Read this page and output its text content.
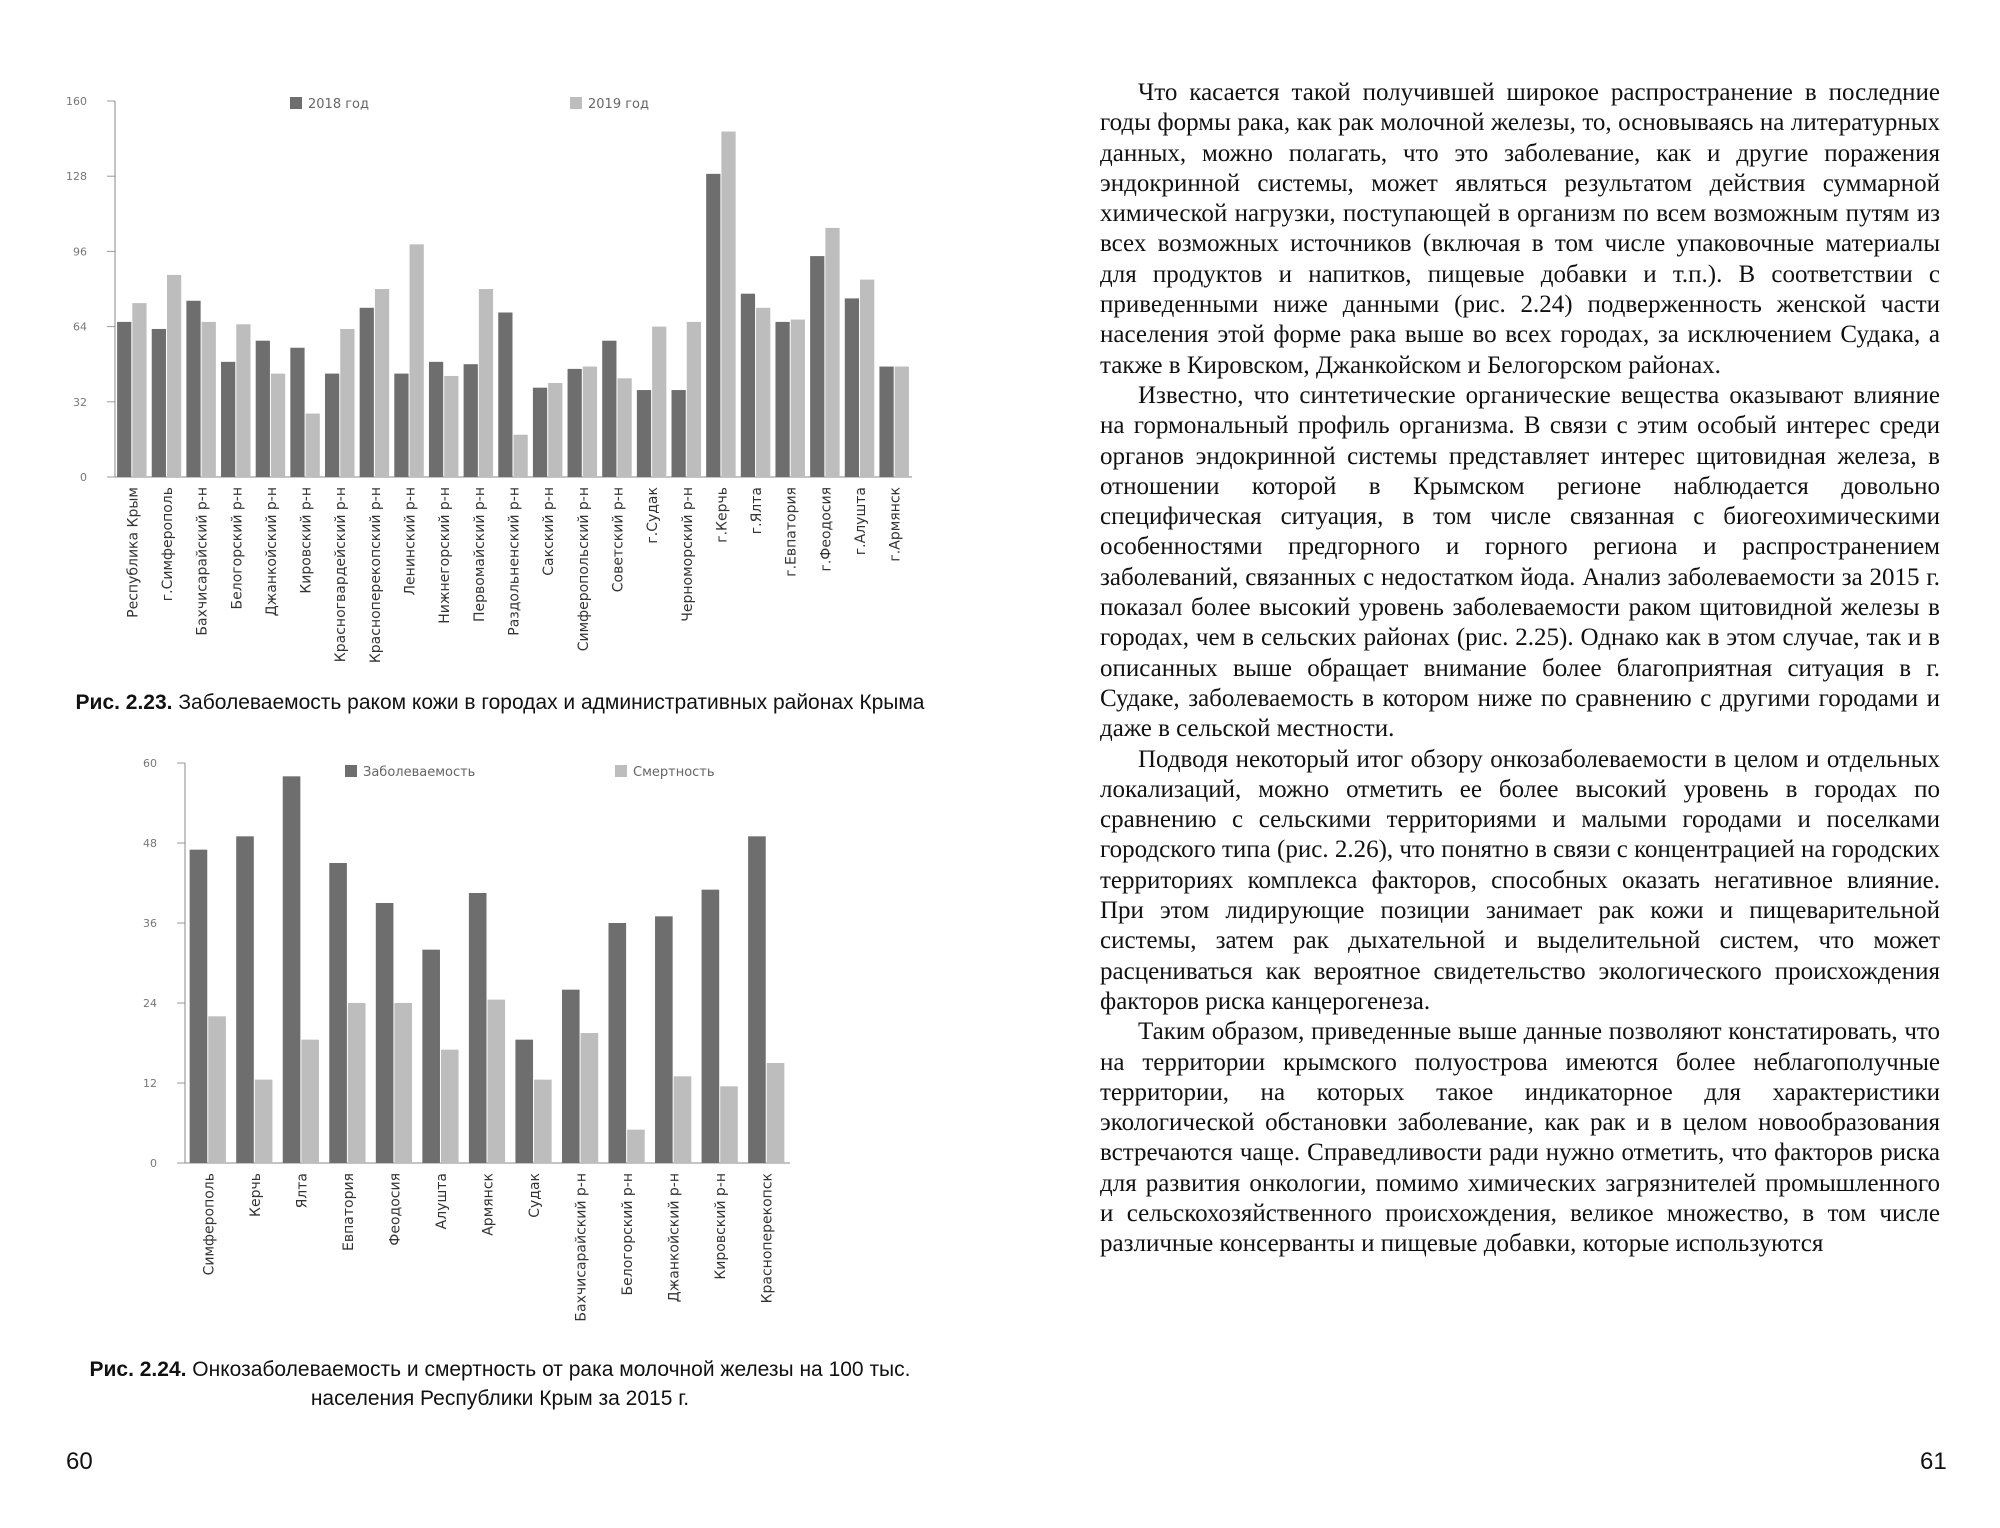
0
32
64
96
128
160
Республика Крым г.Симферополь Бахчисарайский р-н Белогорский р-н Джанкойский р-н Кировский р-н Красногвардейский р-н Красноперекопский р-н Ленинский р-н Нижнегорский р-н Первомайский р-н Раздольненский р-н Сакский р-н Симферопольский р-н Советский р-н г.Судак Черноморский р-н г.Керчь г.Ялта г.Евпатория г.Феодосия г.Алушта г.Армянск
2018 год	2019 год
Рис. 2.23. Заболеваемость раком кожи в городах и административных районах Крыма
0
12
24
36
48
60
Симферополь Керчь Ялта Евпатория Феодосия Алушта Армянск Судак Бахчисарайский р-н Белогорский р-н Джанкойский р-н Кировский р-н Красноперекопск
Заболеваемость	Смертность
Рис. 2.24. Онкозаболеваемость и смертность от рака молочной железы на 100 тыс. населения Республики Крым за 2015 г.
60

Что касается такой получившей широкое распространение в последние годы формы рака, как рак молочной железы, то, основываясь на литературных данных, можно полагать, что это заболевание, как и другие поражения эндокринной системы, может являться результатом действия суммарной химической нагрузки, поступающей в организм по всем возможным путям из всех возможных источников (включая в том числе упаковочные материалы для продуктов и напитков, пищевые добавки и т.п.). В соответствии с приведенными ниже данными (рис. 2.24) подверженность женской части населения этой форме рака выше во всех городах, за исключением Судака, а также в Кировском, Джанкойском и Белогорском районах.

Известно, что синтетические органические вещества оказывают влияние на гормональный профиль организма. В связи с этим особый интерес среди органов эндокринной системы представляет интерес щитовидная железа, в отношении которой в Крымском регионе наблюдается довольно специфическая ситуация, в том числе связанная с биогеохимическими особенностями предгорного и горного региона и распространением заболеваний, связанных с недостатком йода. Анализ заболеваемости за 2015 г. показал более высокий уровень заболеваемости раком щитовидной железы в городах, чем в сельских районах (рис. 2.25). Однако как в этом случае, так и в описанных выше обращает внимание более благоприятная ситуация в г. Судаке, заболеваемость в котором ниже по сравнению с другими городами и даже в сельской местности.

Подводя некоторый итог обзору онкозаболеваемости в целом и отдельных локализаций, можно отметить ее более высокий уровень в городах по сравнению с сельскими территориями и малыми городами и поселками городского типа (рис. 2.26), что понятно в связи с концентрацией на городских территориях комплекса факторов, способных оказать негативное влияние. При этом лидирующие позиции занимает рак кожи и пищеварительной системы, затем рак дыхательной и выделительной систем, что может расцениваться как вероятное свидетельство экологического происхождения факторов риска канцерогенеза.

Таким образом, приведенные выше данные позволяют констатировать, что на территории крымского полуострова имеются более неблагополучные территории, на которых такое индикаторное для характеристики экологической обстановки заболевание, как рак и в целом новообразования встречаются чаще. Справедливости ради нужно отметить, что факторов риска для развития онкологии, помимо химических загрязнителей промышленного и сельскохозяйственного происхождения, великое множество, в том числе различные консерванты и пищевые добавки, которые используются

61
